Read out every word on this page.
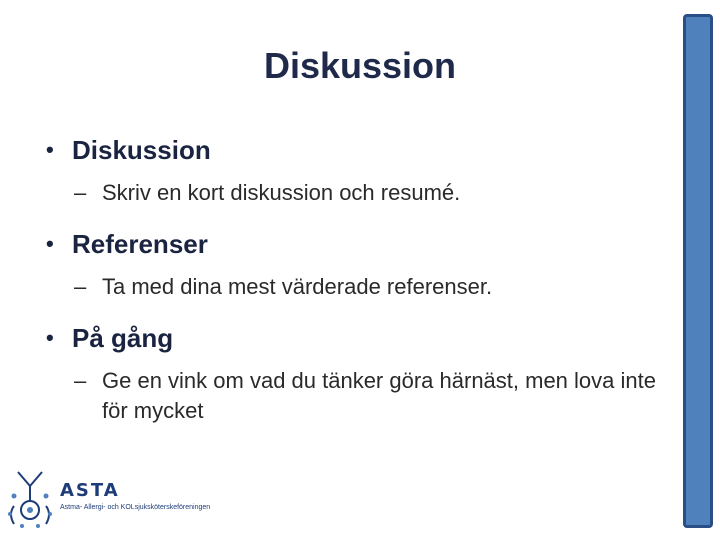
Diskussion
• Diskussion
– Skriv en kort diskussion och resumé.
• Referenser
– Ta med dina mest värderade referenser.
• På gång
– Ge en vink om vad du tänker göra härnäst, men lova inte för mycket
ASTA
Astma- Allergi- och KOLsjuksköterskeföreningen
